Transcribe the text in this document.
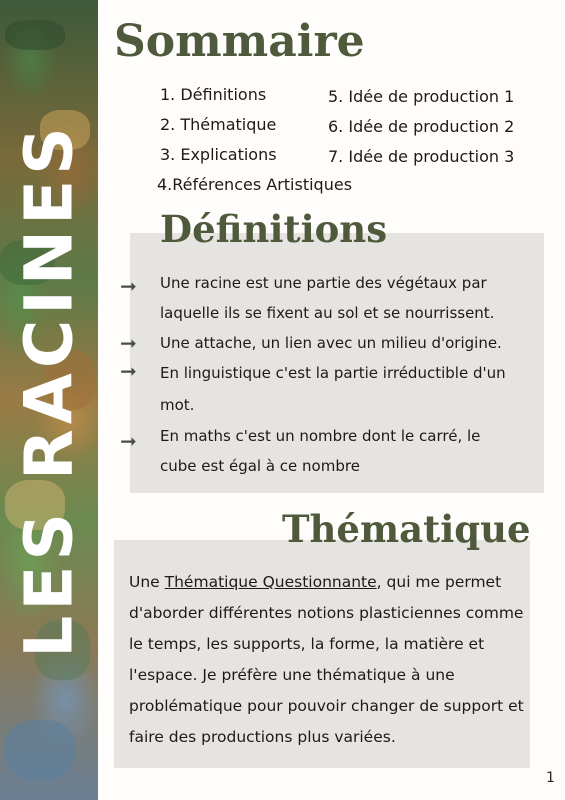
LES RACINES
Sommaire
1. Définitions
2. Thématique
3. Explications
5. Idée de production 1
6. Idée de production 2
7. Idée de production 3
4.Références Artistiques
Définitions
➞
➞
➞
➞
Une racine est une partie des végétaux par
laquelle ils se fixent au sol et se nourrissent.
Une attache, un lien avec un milieu d'origine.
En linguistique c'est la partie irréductible d'un
mot.
En maths c'est un nombre dont le carré, le
cube est égal à ce nombre
Thématique
Une Thématique Questionnante, qui me permet d'aborder différentes notions plasticiennes comme le temps, les supports, la forme, la matière et l'espace. Je préfère une thématique à une problématique pour pouvoir changer de support et faire des productions plus variées.
1
